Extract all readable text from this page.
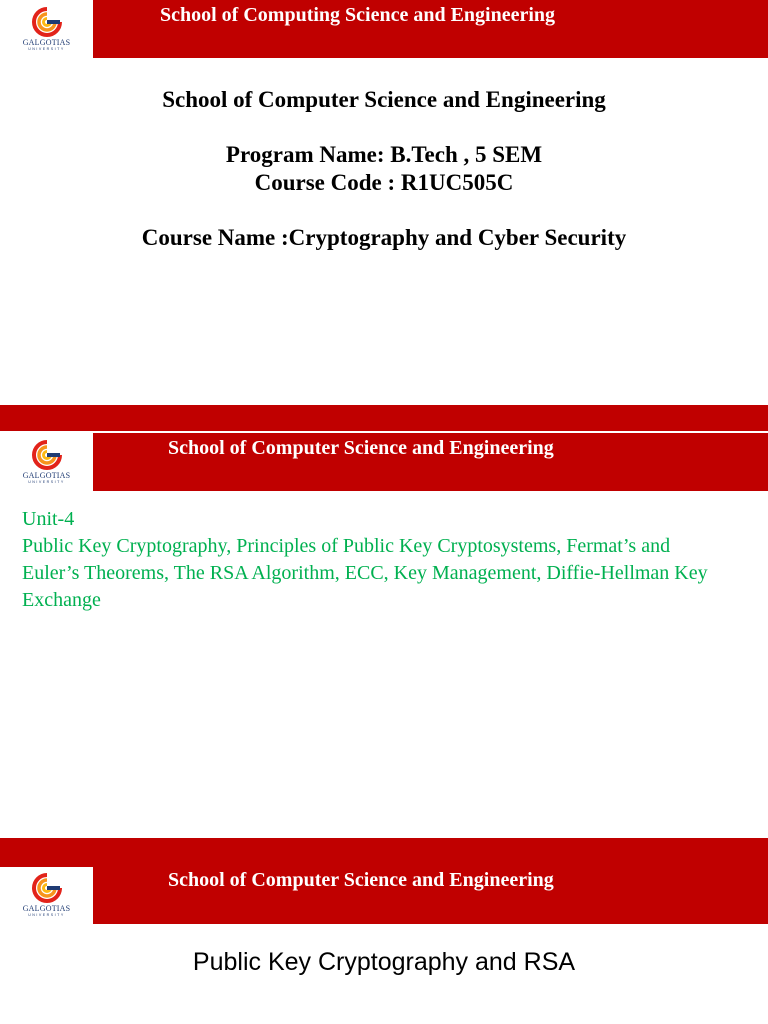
GALGOTIAS
UNIVERSITY
School of Computing Science and Engineering
School of Computer Science and Engineering
Program Name: B.Tech , 5 SEM
Course Code : R1UC505C
Course Name :Cryptography and Cyber Security
GALGOTIAS
UNIVERSITY
School of Computer Science and Engineering
Unit-4
Public Key Cryptography, Principles of Public Key Cryptosystems, Fermat’s and Euler’s Theorems, The RSA Algorithm, ECC, Key Management, Diffie-Hellman Key Exchange
GALGOTIAS
UNIVERSITY
School of Computer Science and Engineering
Public Key Cryptography and RSA
